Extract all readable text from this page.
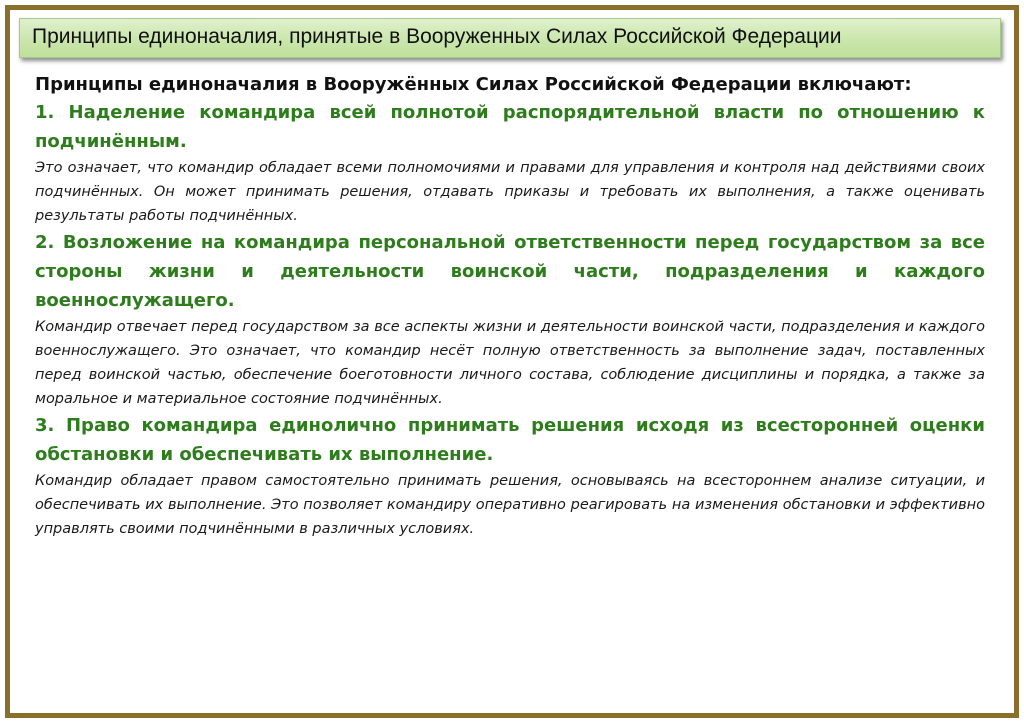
Принципы единоначалия, принятые в Вооруженных Силах Российской Федерации

Принципы единоначалия в Вооружённых Силах Российской Федерации включают:

1. Наделение командира всей полнотой распорядительной власти по отношению к подчинённым.

Это означает, что командир обладает всеми полномочиями и правами для управления и контроля над действиями своих подчинённых. Он может принимать решения, отдавать приказы и требовать их выполнения, а также оценивать результаты работы подчинённых.

2. Возложение на командира персональной ответственности перед государством за все стороны жизни и деятельности воинской части, подразделения и каждого военнослужащего.

Командир отвечает перед государством за все аспекты жизни и деятельности воинской части, подразделения и каждого военнослужащего. Это означает, что командир несёт полную ответственность за выполнение задач, поставленных перед воинской частью, обеспечение боеготовности личного состава, соблюдение дисциплины и порядка, а также за моральное и материальное состояние подчинённых.

3. Право командира единолично принимать решения исходя из всесторонней оценки обстановки и обеспечивать их выполнение.

Командир обладает правом самостоятельно принимать решения, основываясь на всестороннем анализе ситуации, и обеспечивать их выполнение. Это позволяет командиру оперативно реагировать на изменения обстановки и эффективно управлять своими подчинёнными в различных условиях.
